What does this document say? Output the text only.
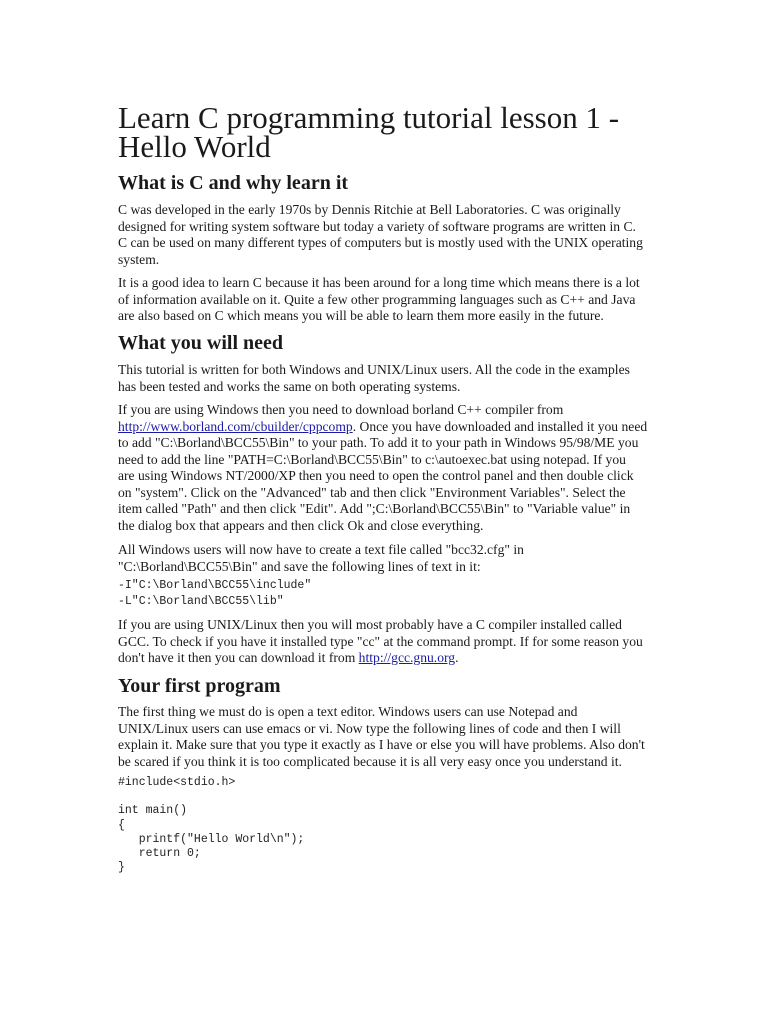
Learn C programming tutorial lesson 1 -
Hello World
What is C and why learn it
C was developed in the early 1970s by Dennis Ritchie at Bell Laboratories. C was originally
designed for writing system software but today a variety of software programs are written in C.
C can be used on many different types of computers but is mostly used with the UNIX operating
system.
It is a good idea to learn C because it has been around for a long time which means there is a lot
of information available on it. Quite a few other programming languages such as C++ and Java
are also based on C which means you will be able to learn them more easily in the future.
What you will need
This tutorial is written for both Windows and UNIX/Linux users. All the code in the examples
has been tested and works the same on both operating systems.
If you are using Windows then you need to download borland C++ compiler from
http://www.borland.com/cbuilder/cppcomp. Once you have downloaded and installed it you need
to add "C:\Borland\BCC55\Bin" to your path. To add it to your path in Windows 95/98/ME you
need to add the line "PATH=C:\Borland\BCC55\Bin" to c:\autoexec.bat using notepad. If you
are using Windows NT/2000/XP then you need to open the control panel and then double click
on "system". Click on the "Advanced" tab and then click "Environment Variables". Select the
item called "Path" and then click "Edit". Add ";C:\Borland\BCC55\Bin" to "Variable value" in
the dialog box that appears and then click Ok and close everything.
All Windows users will now have to create a text file called "bcc32.cfg" in
"C:\Borland\BCC55\Bin" and save the following lines of text in it:
-I"C:\Borland\BCC55\include"
-L"C:\Borland\BCC55\lib"
If you are using UNIX/Linux then you will most probably have a C compiler installed called
GCC. To check if you have it installed type "cc" at the command prompt. If for some reason you
don't have it then you can download it from http://gcc.gnu.org.
Your first program
The first thing we must do is open a text editor. Windows users can use Notepad and
UNIX/Linux users can use emacs or vi. Now type the following lines of code and then I will
explain it. Make sure that you type it exactly as I have or else you will have problems. Also don't
be scared if you think it is too complicated because it is all very easy once you understand it.
#include<stdio.h>

int main()
{
printf("Hello World\n");
return 0;
}
